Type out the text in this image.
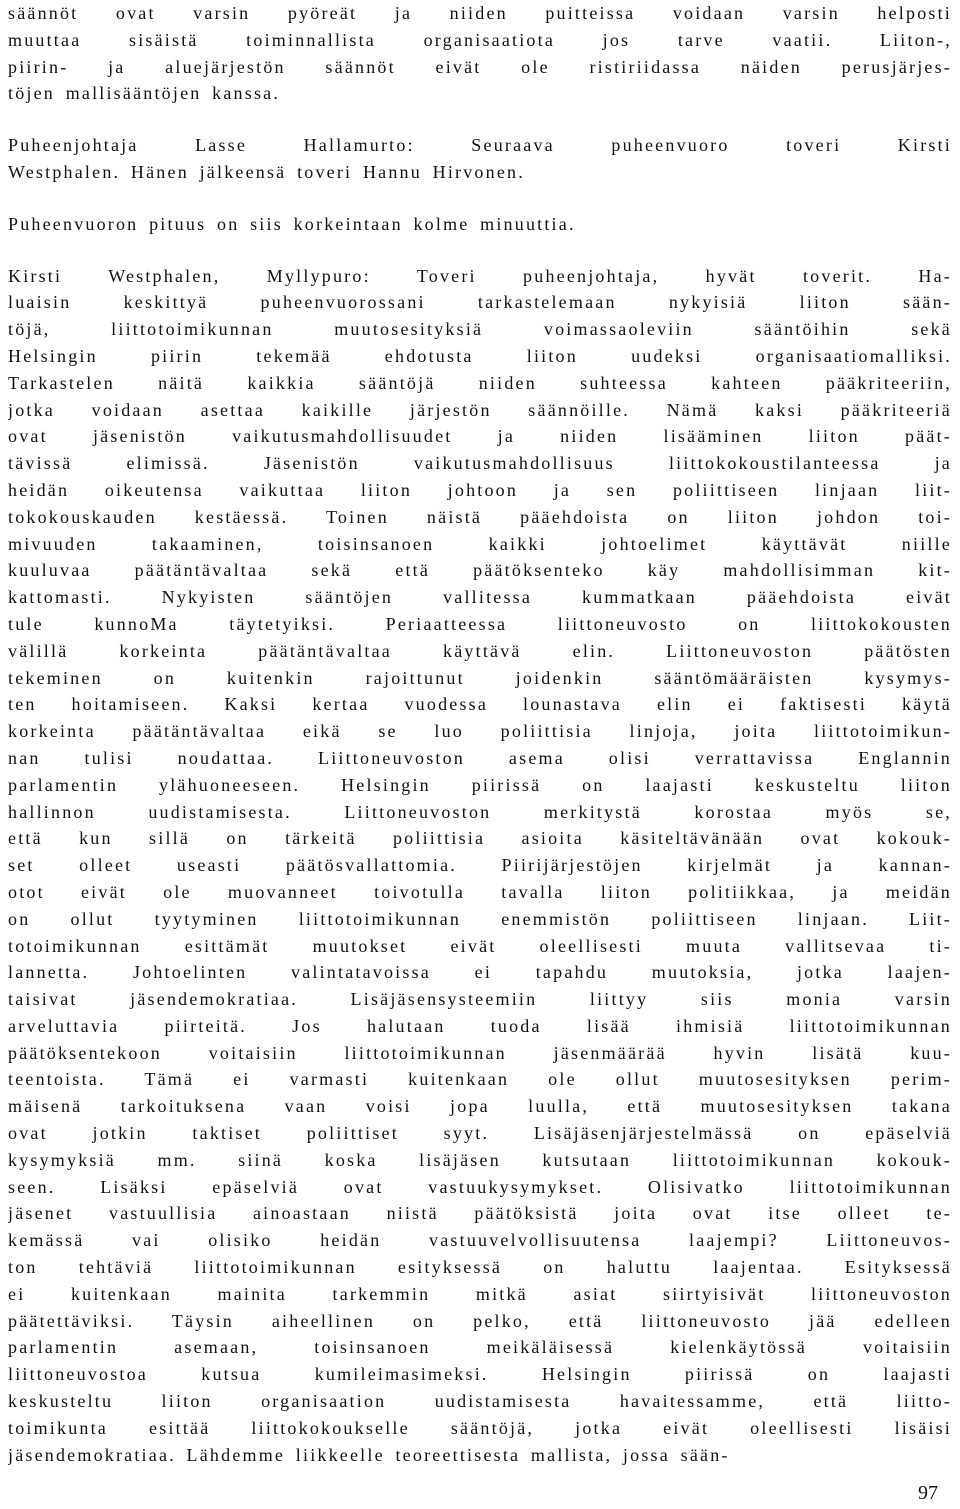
säännöt ovat varsin pyöreät ja niiden puitteissa voidaan varsin helposti
muuttaa sisäistä toiminnallista organisaatiota jos tarve vaatii. Liiton-,
piirin- ja aluejärjestön säännöt eivät ole ristiriidassa näiden perusjärjes-
töjen mallisääntöjen kanssa.
Puheenjohtaja Lasse Hallamurto: Seuraava puheenvuoro toveri Kirsti
Westphalen. Hänen jälkeensä toveri Hannu Hirvonen.
Puheenvuoron pituus on siis korkeintaan kolme minuuttia.
Kirsti Westphalen, Myllypuro: Toveri puheenjohtaja, hyvät toverit. Ha-
luaisin keskittyä puheenvuorossani tarkastelemaan nykyisiä liiton sään-
töjä, liittotoimikunnan muutosesityksiä voimassaoleviin sääntöihin sekä
Helsingin piirin tekemää ehdotusta liiton uudeksi organisaatiomalliksi.
Tarkastelen näitä kaikkia sääntöjä niiden suhteessa kahteen pääkriteeriin,
jotka voidaan asettaa kaikille järjestön säännöille. Nämä kaksi pääkriteeriä
ovat jäsenistön vaikutusmahdollisuudet ja niiden lisääminen liiton päät-
tävissä elimissä. Jäsenistön vaikutusmahdollisuus liittokokoustilanteessa ja
heidän oikeutensa vaikuttaa liiton johtoon ja sen poliittiseen linjaan liit-
tokokouskauden kestäessä. Toinen näistä pääehdoista on liiton johdon toi-
mivuuden takaaminen, toisinsanoen kaikki johtoelimet käyttävät niille
kuuluvaa päätäntävaltaa sekä että päätöksenteko käy mahdollisimman kit-
kattomasti. Nykyisten sääntöjen vallitessa kummatkaan pääehdoista eivät
tule kunnoMa täytetyiksi. Periaatteessa liittoneuvosto on liittokokousten
välillä korkeinta päätäntävaltaa käyttävä elin. Liittoneuvoston päätösten
tekeminen on kuitenkin rajoittunut joidenkin sääntömääräisten kysymys-
ten hoitamiseen. Kaksi kertaa vuodessa lounastava elin ei faktisesti käytä
korkeinta päätäntävaltaa eikä se luo poliittisia linjoja, joita liittotoimikun-
nan tulisi noudattaa. Liittoneuvoston asema olisi verrattavissa Englannin
parlamentin ylähuoneeseen. Helsingin piirissä on laajasti keskusteltu liiton
hallinnon uudistamisesta. Liittoneuvoston merkitystä korostaa myös se,
että kun sillä on tärkeitä poliittisia asioita käsiteltävänään ovat kokouk-
set olleet useasti päätösvallattomia. Piirijärjestöjen kirjelmät ja kannan-
otot eivät ole muovanneet toivotulla tavalla liiton politiikkaa, ja meidän
on ollut tyytyminen liittotoimikunnan enemmistön poliittiseen linjaan. Liit-
totoimikunnan esittämät muutokset eivät oleellisesti muuta vallitsevaa ti-
lannetta. Johtoelinten valintatavoissa ei tapahdu muutoksia, jotka laajen-
taisivat jäsendemokratiaa. Lisäjäsensysteemiin liittyy siis monia varsin
arveluttavia piirteitä. Jos halutaan tuoda lisää ihmisiä liittotoimikunnan
päätöksentekoon voitaisiin liittotoimikunnan jäsenmäärää hyvin lisätä kuu-
teentoista. Tämä ei varmasti kuitenkaan ole ollut muutosesityksen perim-
mäisenä tarkoituksena vaan voisi jopa luulla, että muutosesityksen takana
ovat jotkin taktiset poliittiset syyt. Lisäjäsenjärjestelmässä on epäselviä
kysymyksiä mm. siinä koska lisäjäsen kutsutaan liittotoimikunnan kokouk-
seen. Lisäksi epäselviä ovat vastuukysymykset. Olisivatko liittotoimikunnan
jäsenet vastuullisia ainoastaan niistä päätöksistä joita ovat itse olleet te-
kemässä vai olisiko heidän vastuuvelvollisuutensa laajempi? Liittoneuvos-
ton tehtäviä liittotoimikunnan esityksessä on haluttu laajentaa. Esityksessä
ei kuitenkaan mainita tarkemmin mitkä asiat siirtyisivät liittoneuvoston
päätettäviksi. Täysin aiheellinen on pelko, että liittoneuvosto jää edelleen
parlamentin asemaan, toisinsanoen meikäläisessä kielenkäytössä voitaisiin
liittoneuvostoa kutsua kumileimasimeksi. Helsingin piirissä on laajasti
keskusteltu liiton organisaation uudistamisesta havaitessamme, että liitto-
toimikunta esittää liittokokoukselle sääntöjä, jotka eivät oleellisesti lisäisi
jäsendemokratiaa. Lähdemme liikkeelle teoreettisesta mallista, jossa sään-
97
